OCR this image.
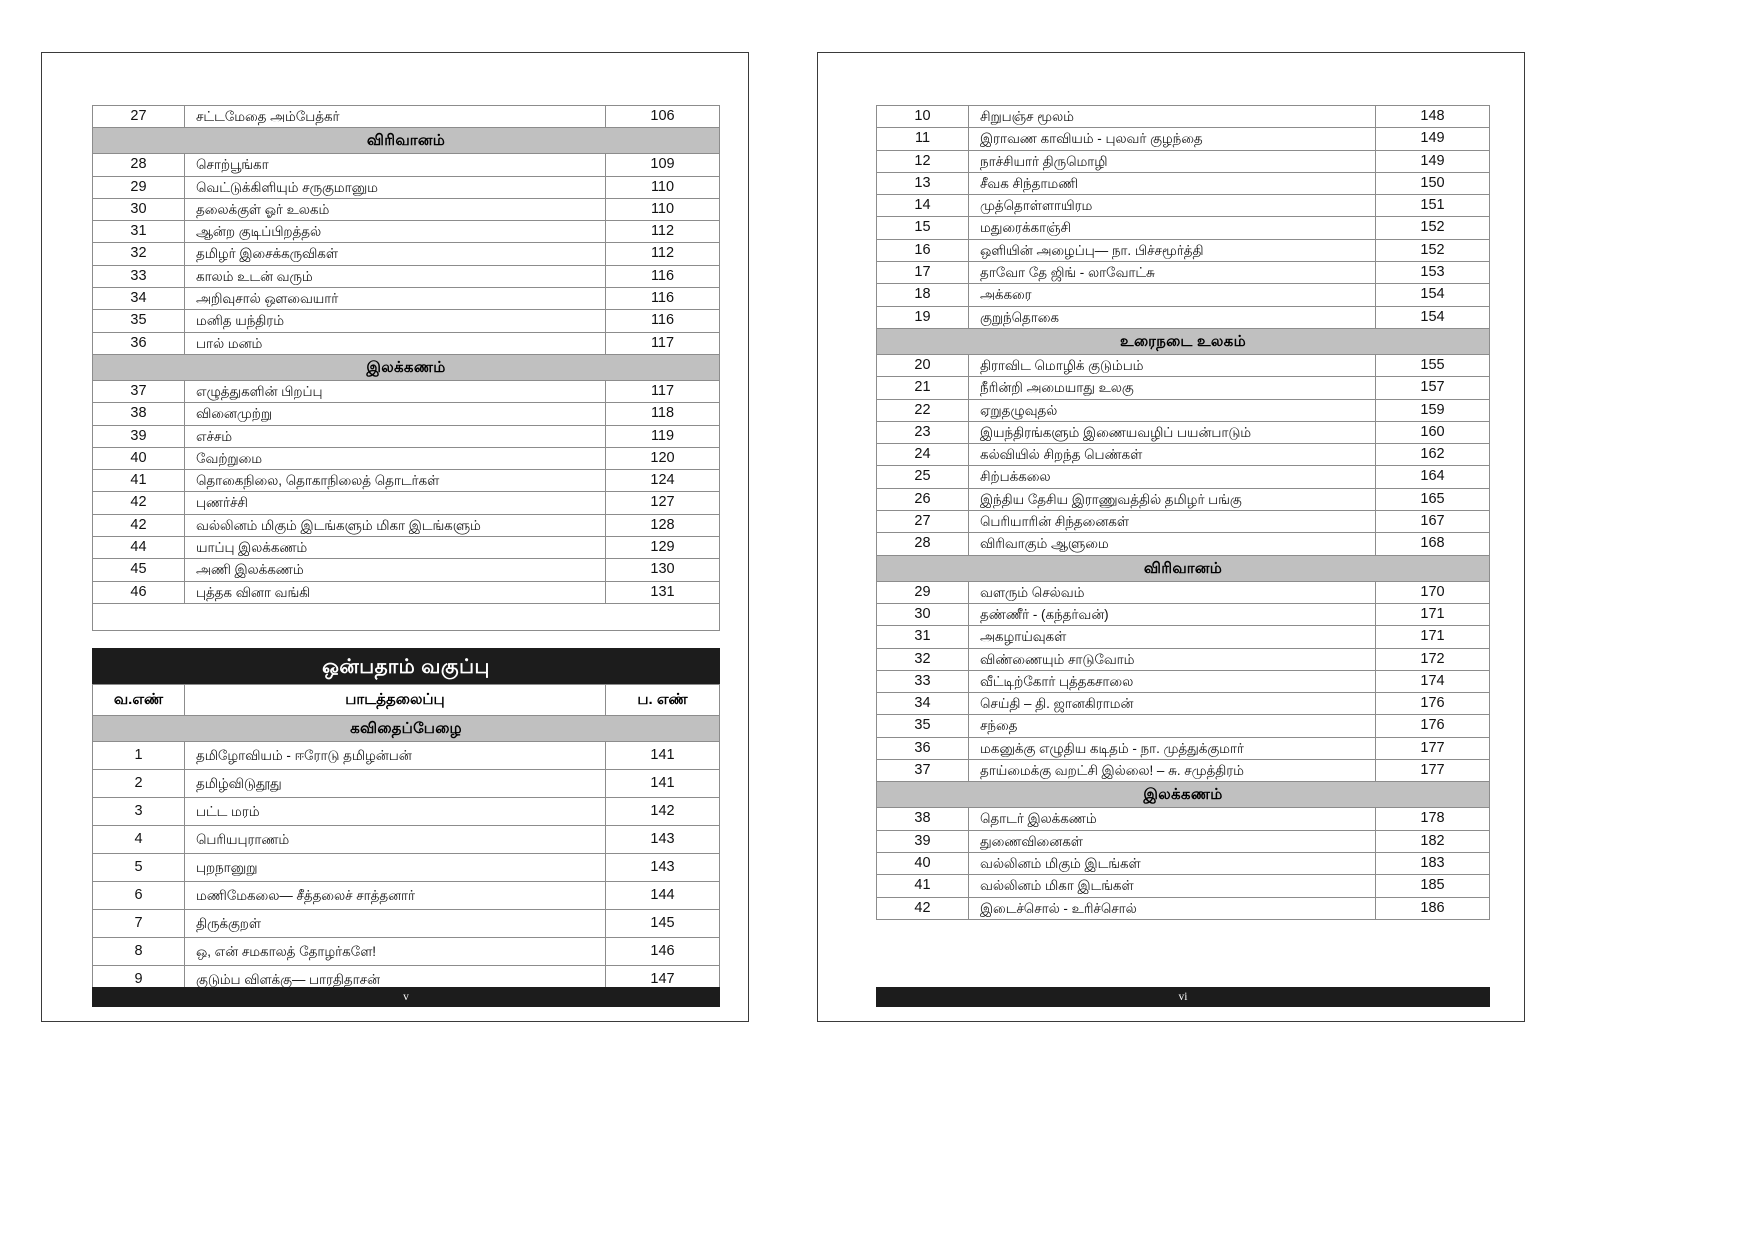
27	சட்டமேதை அம்பேத்கர்	106
விரிவானம்		
28	சொற்பூங்கா	109
29	வெட்டுக்கிளியும் சருகுமானும	110
30	தலைக்குள் ஓர் உலகம்	110
31	ஆன்ற குடிப்பிறத்தல்	112
32	தமிழர் இசைக்கருவிகள்	112
33	காலம் உடன் வரும்	116
34	அறிவுசால் ஔவையார்	116
35	மனித யந்திரம்	116
36	பால் மனம்	117
இலக்கணம்		
37	எழுத்துகளின் பிறப்பு	117
38	வினைமுற்று	118
39	எச்சம்	119
40	வேற்றுமை	120
41	தொகைநிலை, தொகாநிலைத் தொடர்கள்	124
42	புணர்ச்சி	127
42	வல்லினம் மிகும் இடங்களும் மிகா இடங்களும்	128
44	யாப்பு இலக்கணம்	129
45	அணி இலக்கணம்	130
46	புத்தக வினா வங்கி	131

ஒன்பதாம் வகுப்பு
வ.எண்	பாடத்தலைப்பு	ப. எண்
கவிதைப்பேழை		
1	தமிழோவியம் - ஈரோடு தமிழன்பன்	141
2	தமிழ்விடுதூது	141
3	பட்ட மரம்	142
4	பெரியபுராணம்	143
5	புறநானுறு	143
6	மணிமேகலை— சீத்தலைச் சாத்தனார்	144
7	திருக்குறள்	145
8	ஒ, என் சமகாலத் தோழர்களே!	146
9	குடும்ப விளக்கு— பாரதிதாசன்	147
v
10	சிறுபஞ்ச மூலம்	148
11	இராவண காவியம் - புலவர் குழந்தை	149
12	நாச்சியார் திருமொழி	149
13	சீவக சிந்தாமணி	150
14	முத்தொள்ளாயிரம	151
15	மதுரைக்காஞ்சி	152
16	ஒளியின் அழைப்பு— நா. பிச்சமூர்த்தி	152
17	தாவோ தே ஜிங் - லாவோட்சு	153
18	அக்கரை	154
19	குறுந்தொகை	154
உரைநடை உலகம்		
20	திராவிட மொழிக் குடும்பம்	155
21	நீரின்றி அமையாது உலகு	157
22	ஏறுதழுவுதல்	159
23	இயந்திரங்களும் இணையவழிப் பயன்பாடும்	160
24	கல்வியில் சிறந்த பெண்கள்	162
25	சிற்பக்கலை	164
26	இந்திய தேசிய இராணுவத்தில் தமிழர் பங்கு	165
27	பெரியாரின் சிந்தனைகள்	167
28	விரிவாகும் ஆளுமை	168
விரிவானம்		
29	வளரும் செல்வம்	170
30	தண்ணீர் - (கந்தர்வன்)	171
31	அகழாய்வுகள்	171
32	விண்ணையும் சாடுவோம்	172
33	வீட்டிற்கோர் புத்தகசாலை	174
34	செய்தி – தி. ஜானகிராமன்	176
35	சந்தை	176
36	மகனுக்கு எழுதிய கடிதம் - நா. முத்துக்குமார்	177
37	தாய்மைக்கு வறட்சி இல்லை! – சு. சமுத்திரம்	177
இலக்கணம்		
38	தொடர் இலக்கணம்	178
39	துணைவினைகள்	182
40	வல்லினம் மிகும் இடங்கள்	183
41	வல்லினம் மிகா இடங்கள்	185
42	இடைச்சொல் - உரிச்சொல்	186
vi
